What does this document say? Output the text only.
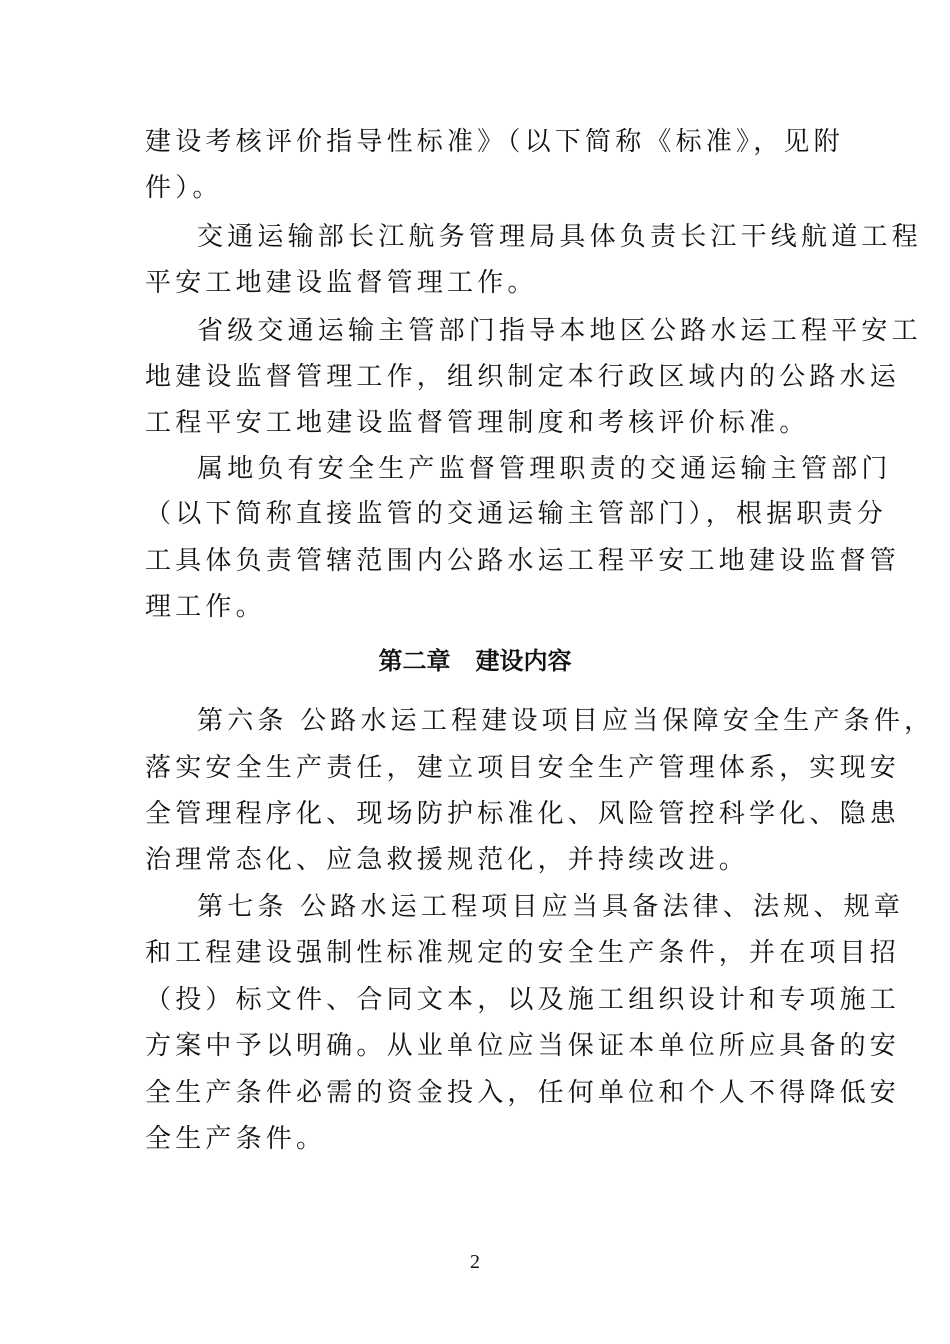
建设考核评价指导性标准》（以下简称《标准》，见附
件）。
交通运输部长江航务管理局具体负责长江干线航道工程
平安工地建设监督管理工作。
省级交通运输主管部门指导本地区公路水运工程平安工
地建设监督管理工作，组织制定本行政区域内的公路水运
工程平安工地建设监督管理制度和考核评价标准。
属地负有安全生产监督管理职责的交通运输主管部门
（以下简称直接监管的交通运输主管部门），根据职责分
工具体负责管辖范围内公路水运工程平安工地建设监督管
理工作。
第二章   建设内容
第六条 公路水运工程建设项目应当保障安全生产条件，
落实安全生产责任，建立项目安全生产管理体系，实现安
全管理程序化、现场防护标准化、风险管控科学化、隐患
治理常态化、应急救援规范化，并持续改进。
第七条 公路水运工程项目应当具备法律、法规、规章
和工程建设强制性标准规定的安全生产条件，并在项目招
（投）标文件、合同文本，以及施工组织设计和专项施工
方案中予以明确。从业单位应当保证本单位所应具备的安
全生产条件必需的资金投入，任何单位和个人不得降低安
全生产条件。
2
